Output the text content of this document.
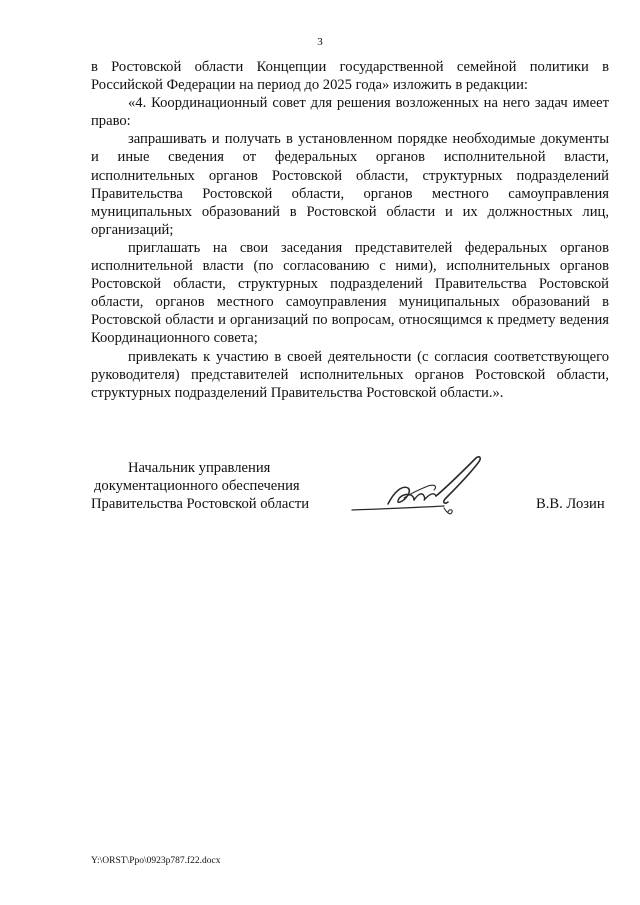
3

в Ростовской области Концепции государственной семейной политики в Российской Федерации на период до 2025 года» изложить в редакции:

«4. Координационный совет для решения возложенных на него задач имеет право:

запрашивать и получать в установленном порядке необходимые документы и иные сведения от федеральных органов исполнительной власти, исполнительных органов Ростовской области, структурных подразделений Правительства Ростовской области, органов местного самоуправления муниципальных образований в Ростовской области и их должностных лиц, организаций;

приглашать на свои заседания представителей федеральных органов исполнительной власти (по согласованию с ними), исполнительных органов Ростовской области, структурных подразделений Правительства Ростовской области, органов местного самоуправления муниципальных образований в Ростовской области и организаций по вопросам, относящимся к предмету ведения Координационного совета;

привлекать к участию в своей деятельности (с согласия соответствующего руководителя) представителей исполнительных органов Ростовской области, структурных подразделений Правительства Ростовской области.».

Начальник управления
документационного обеспечения
Правительства Ростовской области	В.В. Лозин
Y:\ORST\Ppo\0923p787.f22.docx
